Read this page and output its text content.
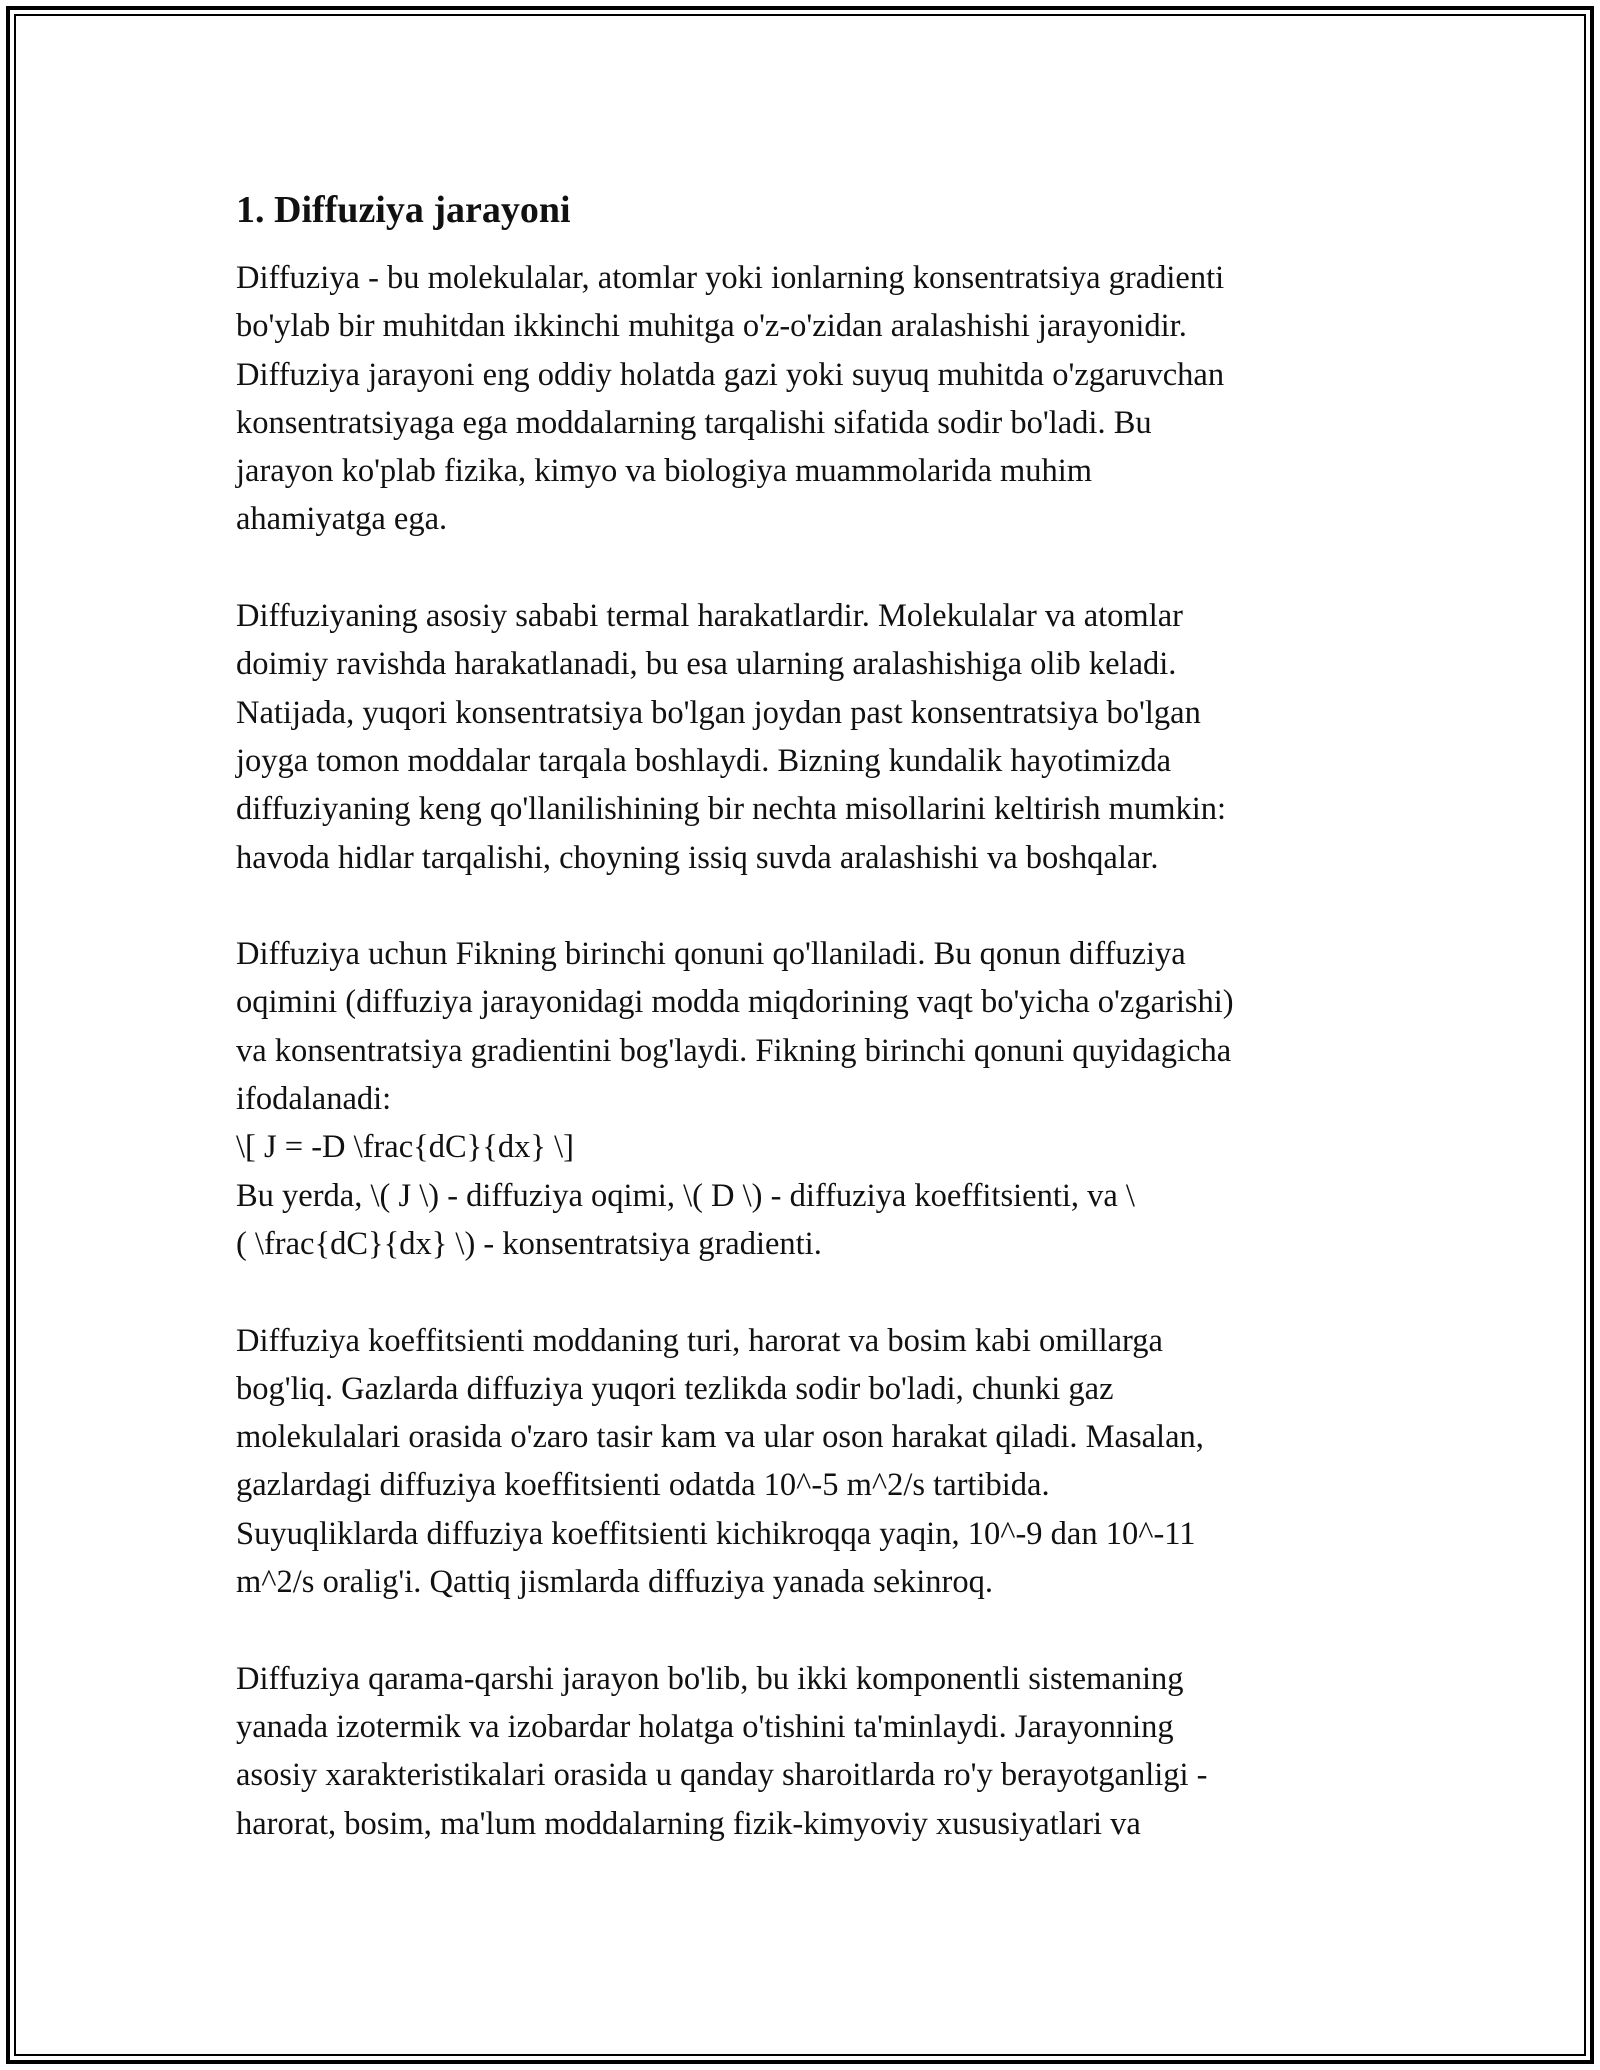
1. Diffuziya jarayoni

Diffuziya - bu molekulalar, atomlar yoki ionlarning konsentratsiya gradienti
bo'ylab bir muhitdan ikkinchi muhitga o'z-o'zidan aralashishi jarayonidir.
Diffuziya jarayoni eng oddiy holatda gazi yoki suyuq muhitda o'zgaruvchan
konsentratsiyaga ega moddalarning tarqalishi sifatida sodir bo'ladi. Bu
jarayon ko'plab fizika, kimyo va biologiya muammolarida muhim
ahamiyatga ega.

Diffuziyaning asosiy sababi termal harakatlardir. Molekulalar va atomlar
doimiy ravishda harakatlanadi, bu esa ularning aralashishiga olib keladi.
Natijada, yuqori konsentratsiya bo'lgan joydan past konsentratsiya bo'lgan
joyga tomon moddalar tarqala boshlaydi. Bizning kundalik hayotimizda
diffuziyaning keng qo'llanilishining bir nechta misollarini keltirish mumkin:
havoda hidlar tarqalishi, choyning issiq suvda aralashishi va boshqalar.

Diffuziya uchun Fikning birinchi qonuni qo'llaniladi. Bu qonun diffuziya
oqimini (diffuziya jarayonidagi modda miqdorining vaqt bo'yicha o'zgarishi)
va konsentratsiya gradientini bog'laydi. Fikning birinchi qonuni quyidagicha
ifodalanadi:
\[ J = -D \frac{dC}{dx} \]
Bu yerda, \( J \) - diffuziya oqimi, \( D \) - diffuziya koeffitsienti, va \
( \frac{dC}{dx} \) - konsentratsiya gradienti.

Diffuziya koeffitsienti moddaning turi, harorat va bosim kabi omillarga
bog'liq. Gazlarda diffuziya yuqori tezlikda sodir bo'ladi, chunki gaz
molekulalari orasida o'zaro tasir kam va ular oson harakat qiladi. Masalan,
gazlardagi diffuziya koeffitsienti odatda 10^-5 m^2/s tartibida.
Suyuqliklarda diffuziya koeffitsienti kichikroqqa yaqin, 10^-9 dan 10^-11
m^2/s oralig'i. Qattiq jismlarda diffuziya yanada sekinroq.

Diffuziya qarama-qarshi jarayon bo'lib, bu ikki komponentli sistemaning
yanada izotermik va izobardar holatga o'tishini ta'minlaydi. Jarayonning
asosiy xarakteristikalari orasida u qanday sharoitlarda ro'y berayotganligi -
harorat, bosim, ma'lum moddalarning fizik-kimyoviy xususiyatlari va
